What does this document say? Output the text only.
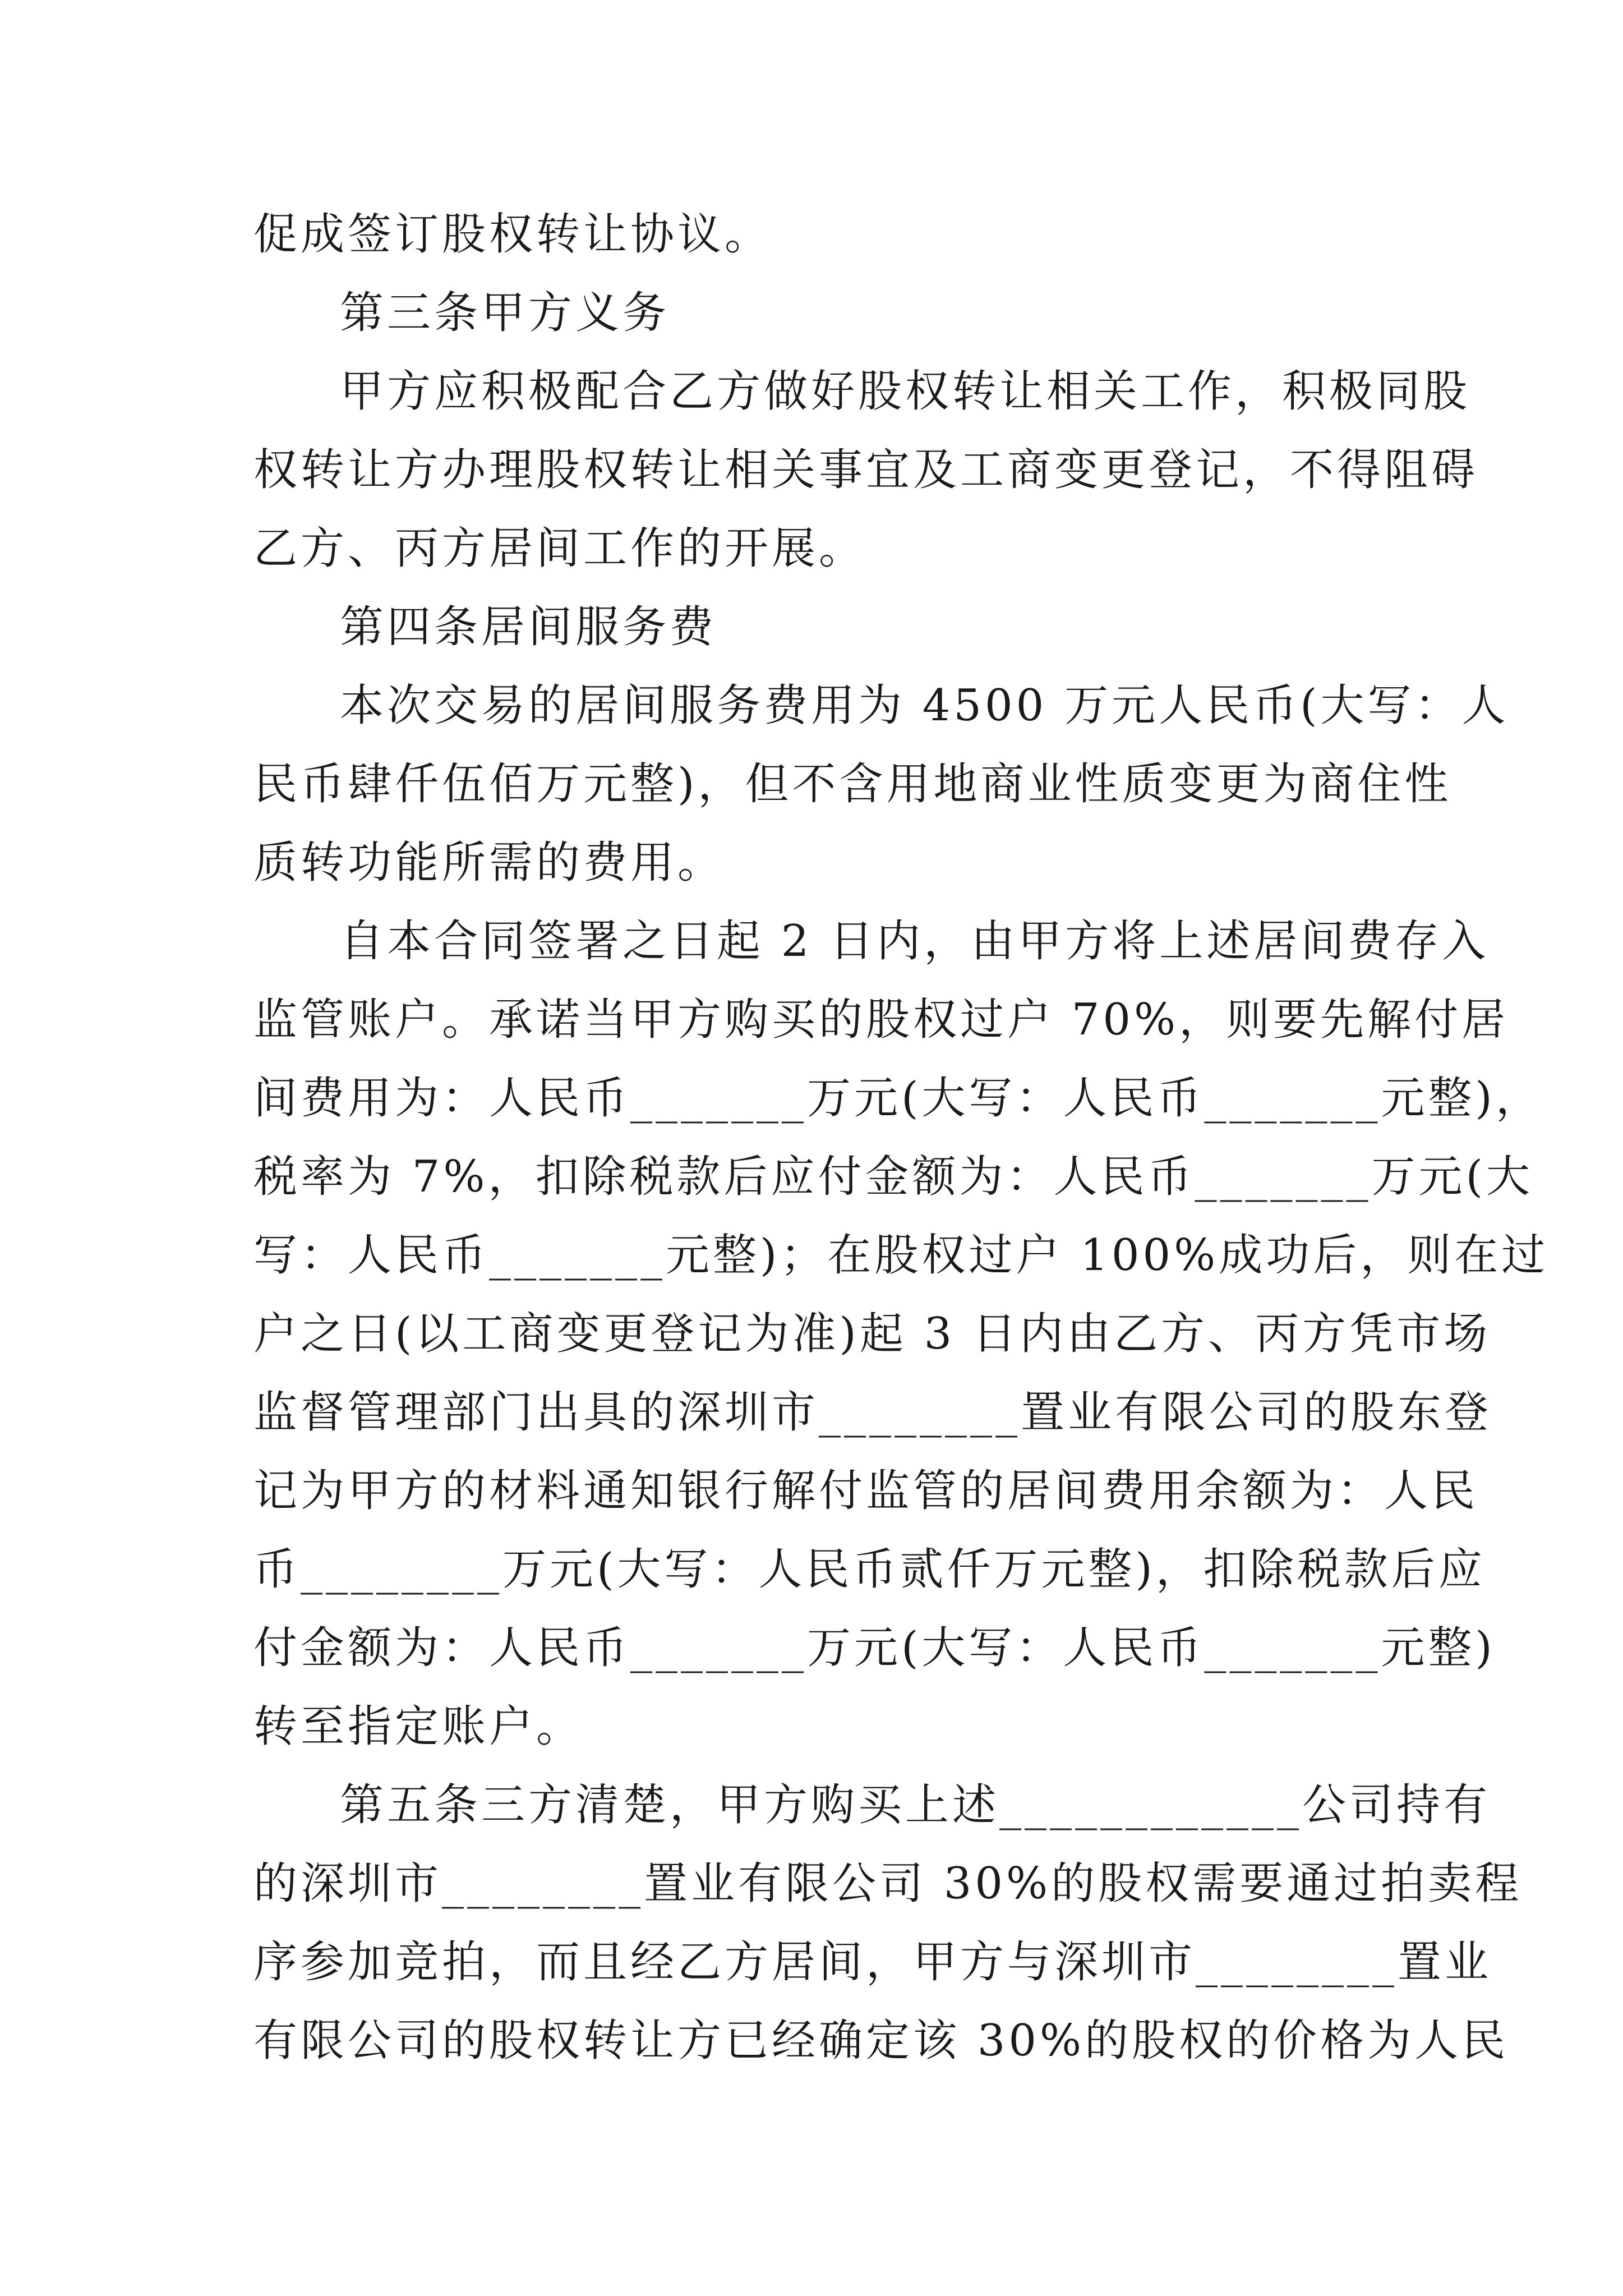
促成签订股权转让协议。
第三条甲方义务
甲方应积极配合乙方做好股权转让相关工作，积极同股
权转让方办理股权转让相关事宜及工商变更登记，不得阻碍
乙方、丙方居间工作的开展。
第四条居间服务费
本次交易的居间服务费用为 4500 万元人民币(大写：人
民币肆仟伍佰万元整)，但不含用地商业性质变更为商住性
质转功能所需的费用。
自本合同签署之日起 2 日内，由甲方将上述居间费存入
监管账户。承诺当甲方购买的股权过户 70%，则要先解付居
间费用为：人民币_______万元(大写：人民币_______元整)，
税率为 7%，扣除税款后应付金额为：人民币_______万元(大
写：人民币_______元整)；在股权过户 100%成功后，则在过
户之日(以工商变更登记为准)起 3 日内由乙方、丙方凭市场
监督管理部门出具的深圳市________置业有限公司的股东登
记为甲方的材料通知银行解付监管的居间费用余额为：人民
币________万元(大写：人民币贰仟万元整)，扣除税款后应
付金额为：人民币_______万元(大写：人民币_______元整)
转至指定账户。
第五条三方清楚，甲方购买上述____________公司持有
的深圳市________置业有限公司 30%的股权需要通过拍卖程
序参加竞拍，而且经乙方居间，甲方与深圳市________置业
有限公司的股权转让方已经确定该 30%的股权的价格为人民
